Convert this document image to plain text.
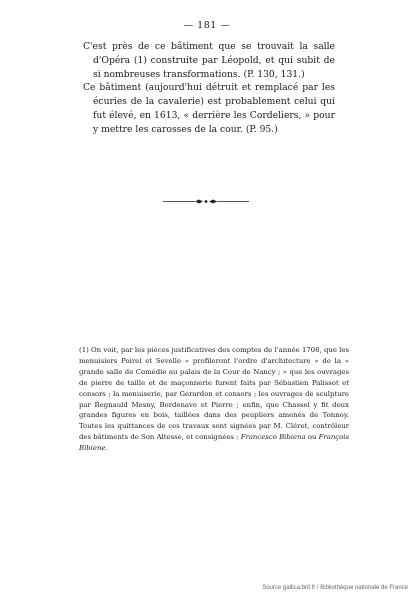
— 181 —

C'est près de ce bâtiment que se trouvait la salle d'Opéra (1) construite par Léopold, et qui subit de si nombreuses transformations. (P. 130, 131.)

Ce bâtiment (aujourd'hui détruit et remplacé par les écuries de la cavalerie) est probablement celui qui fut élevé, en 1613, « derrière les Cordeliers, » pour y mettre les carosses de la cour. (P. 95.)

(1) On voit, par les pièces justificatives des comptes de l'année 1708, que les menuisiers Poirel et Sevelle « profileront l'ordre d'architecture » de la « grande salle de Comédie au palais de la Cour de Nancy ; » que les ouvrages de pierre de taille et de maçonnerie furent faits par Sébastien Palissot et consors ; la menuiserie, par Gerardon et consors ; les ouvrages de sculpture par Regnauld Mesny, Bordenave et Pierre ; enfin, que Chassel y fit deux grandes figures en bois, taillées dans des peupliers amenés de Tonnoy. Toutes les quittances de ces travaux sont signées par M. Cléret, contrôleur des bâtiments de Son Altesse, et consignées : Francesco Bibiena ou François Bibiene.

Source gallica.bnf.fr / Bibliothèque nationale de France
